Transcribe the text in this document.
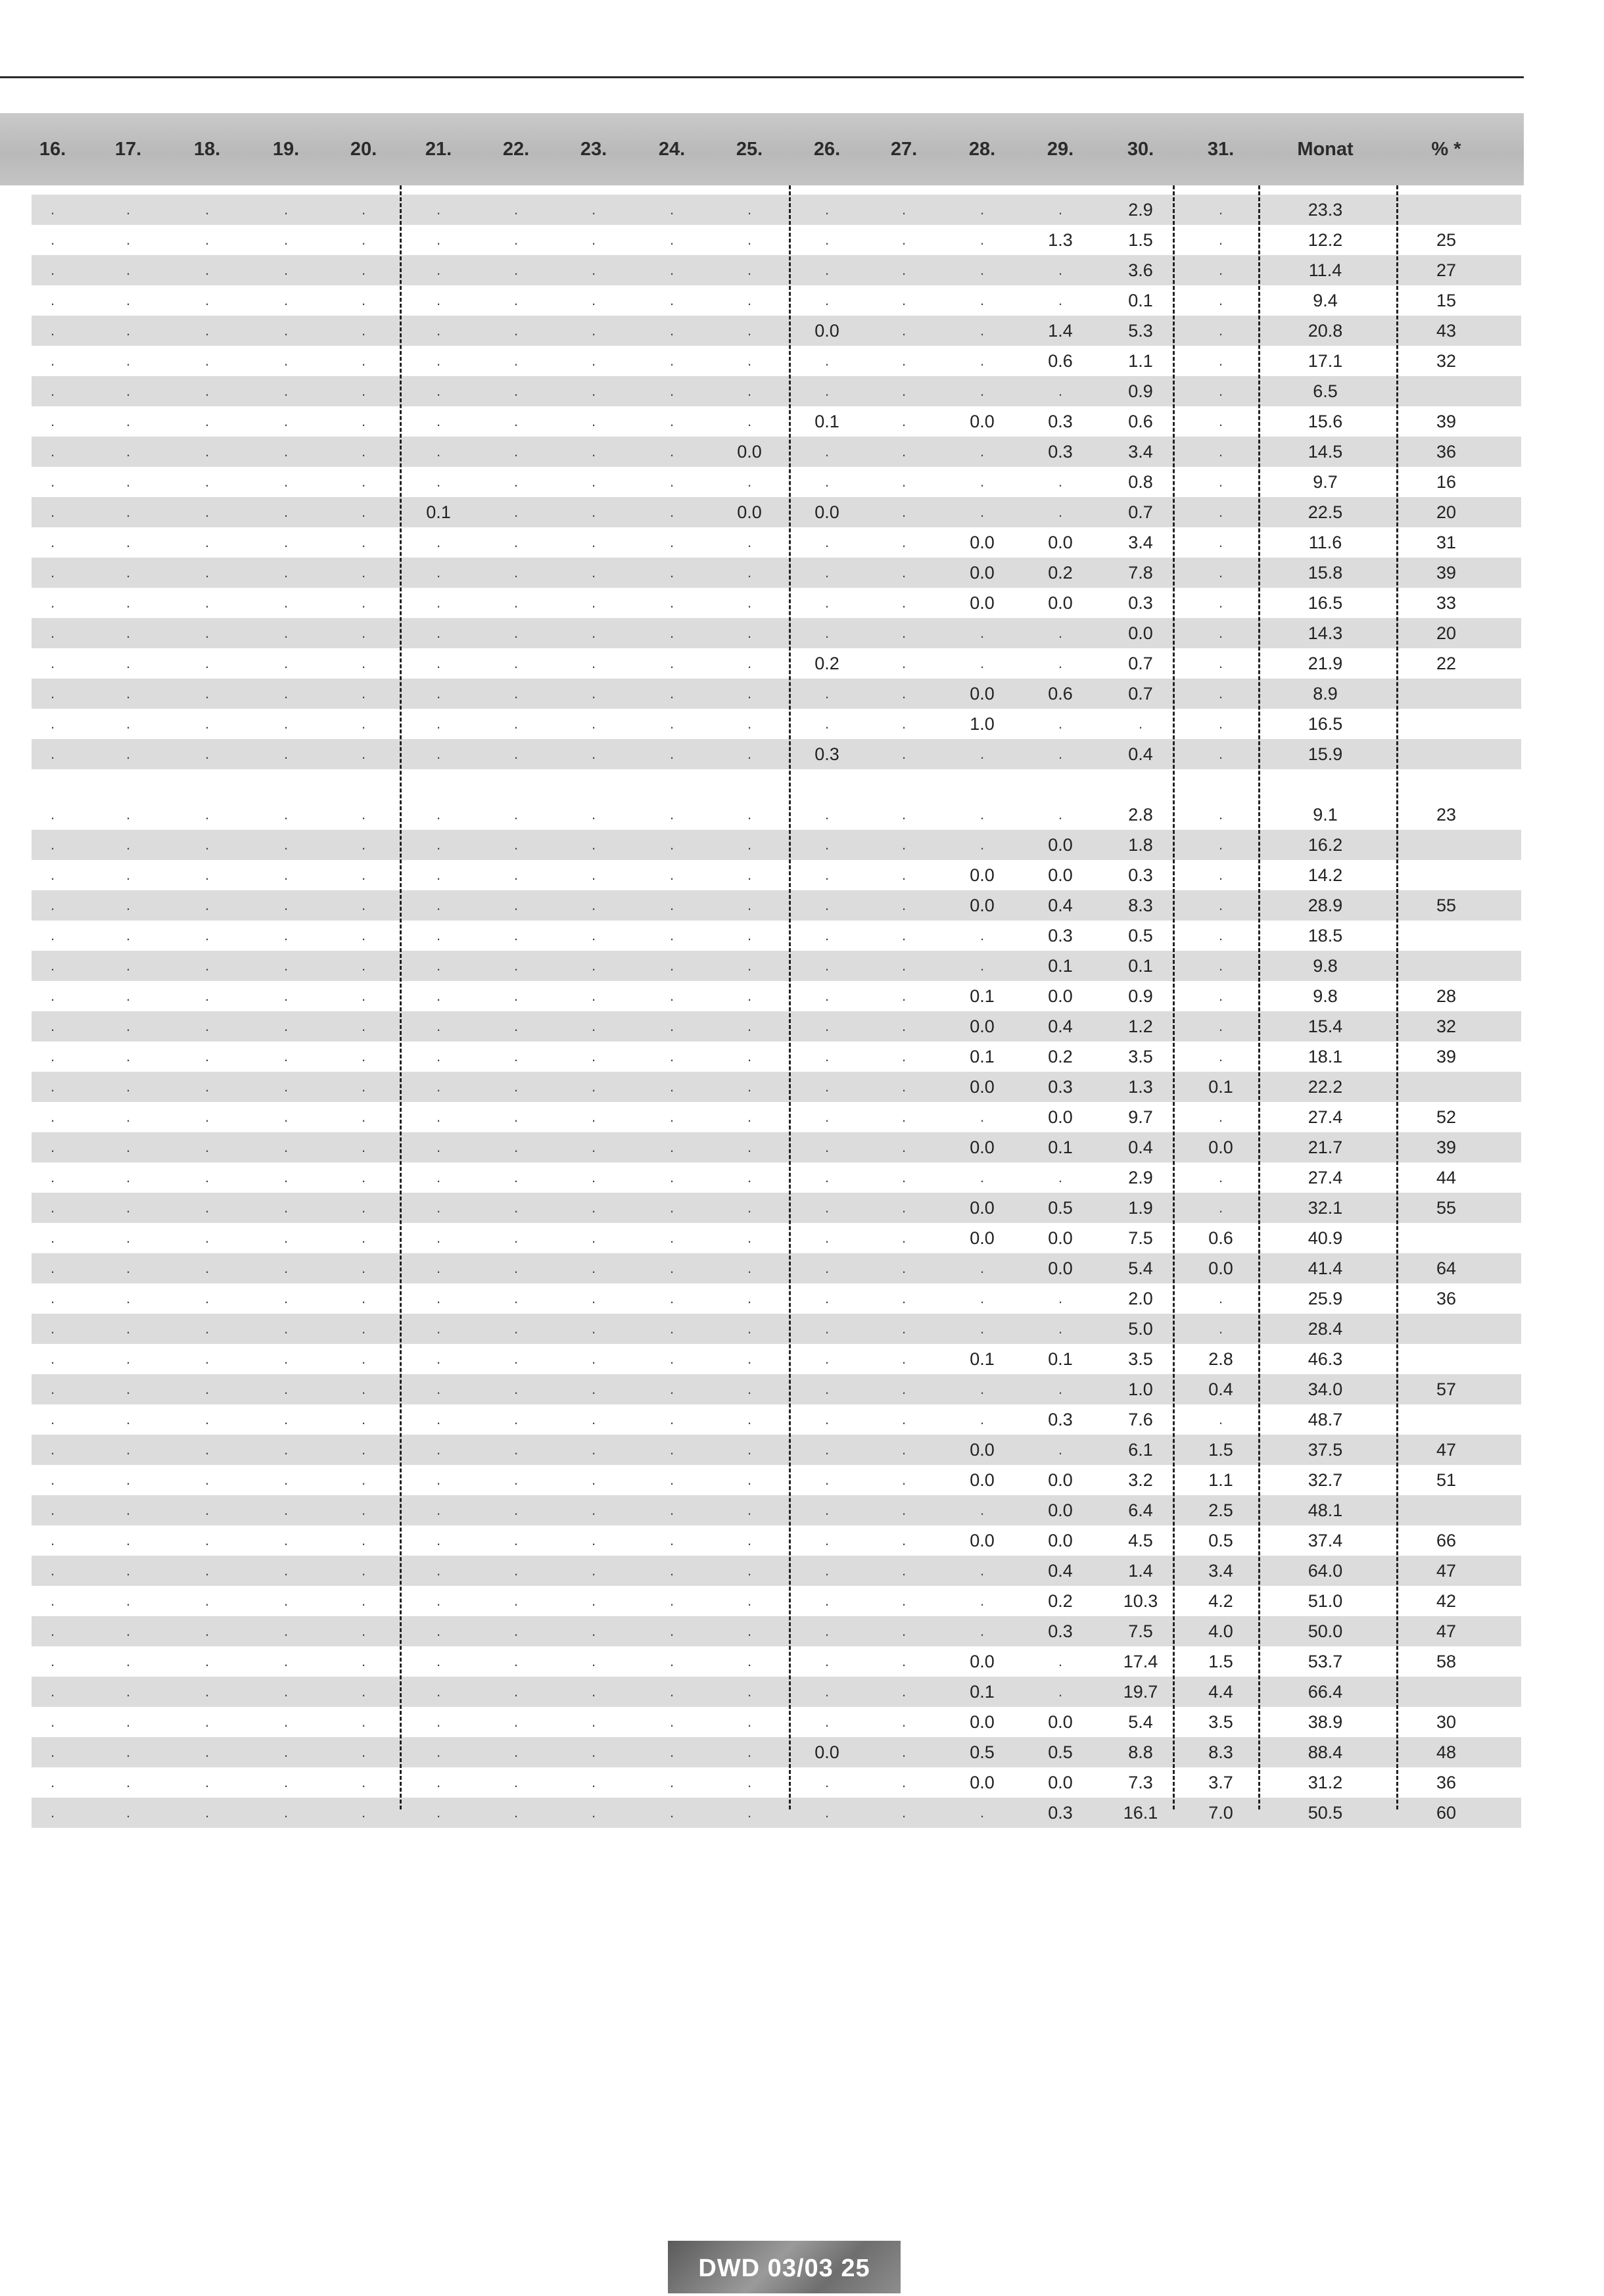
16.	17.	18.	19.	20.	21.	22.	23.	24.	25.	26.	27.	28.	29.	30.	31.	Monat	% *
.	.	.	.	.	.	.	.	.	.	.	.	.	.	2.9	.	23.3
.	.	.	.	.	.	.	.	.	.	.	.	.	1.3	1.5	.	12.2	25
.	.	.	.	.	.	.	.	.	.	.	.	.	.	3.6	.	11.4	27
.	.	.	.	.	.	.	.	.	.	.	.	.	.	0.1	.	9.4	15
.	.	.	.	.	.	.	.	.	.	0.0	.	.	1.4	5.3	.	20.8	43
.	.	.	.	.	.	.	.	.	.	.	.	.	0.6	1.1	.	17.1	32
.	.	.	.	.	.	.	.	.	.	.	.	.	.	0.9	.	6.5
.	.	.	.	.	.	.	.	.	.	0.1	.	0.0	0.3	0.6	.	15.6	39
.	.	.	.	.	.	.	.	.	0.0	.	.	.	0.3	3.4	.	14.5	36
.	.	.	.	.	.	.	.	.	.	.	.	.	.	0.8	.	9.7	16
.	.	.	.	.	0.1	.	.	.	0.0	0.0	.	.	.	0.7	.	22.5	20
.	.	.	.	.	.	.	.	.	.	.	.	0.0	0.0	3.4	.	11.6	31
.	.	.	.	.	.	.	.	.	.	.	.	0.0	0.2	7.8	.	15.8	39
.	.	.	.	.	.	.	.	.	.	.	.	0.0	0.0	0.3	.	16.5	33
.	.	.	.	.	.	.	.	.	.	.	.	.	.	0.0	.	14.3	20
.	.	.	.	.	.	.	.	.	.	0.2	.	.	.	0.7	.	21.9	22
.	.	.	.	.	.	.	.	.	.	.	.	0.0	0.6	0.7	.	8.9
.	.	.	.	.	.	.	.	.	.	.	.	1.0	.	.	.	16.5
.	.	.	.	.	.	.	.	.	.	0.3	.	.	.	0.4	.	15.9
.	.	.	.	.	.	.	.	.	.	.	.	.	.	2.8	.	9.1	23
.	.	.	.	.	.	.	.	.	.	.	.	.	0.0	1.8	.	16.2
.	.	.	.	.	.	.	.	.	.	.	.	0.0	0.0	0.3	.	14.2
.	.	.	.	.	.	.	.	.	.	.	.	0.0	0.4	8.3	.	28.9	55
.	.	.	.	.	.	.	.	.	.	.	.	.	0.3	0.5	.	18.5
.	.	.	.	.	.	.	.	.	.	.	.	.	0.1	0.1	.	9.8
.	.	.	.	.	.	.	.	.	.	.	.	0.1	0.0	0.9	.	9.8	28
.	.	.	.	.	.	.	.	.	.	.	.	0.0	0.4	1.2	.	15.4	32
.	.	.	.	.	.	.	.	.	.	.	.	0.1	0.2	3.5	.	18.1	39
.	.	.	.	.	.	.	.	.	.	.	.	0.0	0.3	1.3	0.1	22.2
.	.	.	.	.	.	.	.	.	.	.	.	.	0.0	9.7	.	27.4	52
.	.	.	.	.	.	.	.	.	.	.	.	0.0	0.1	0.4	0.0	21.7	39
.	.	.	.	.	.	.	.	.	.	.	.	.	.	2.9	.	27.4	44
.	.	.	.	.	.	.	.	.	.	.	.	0.0	0.5	1.9	.	32.1	55
.	.	.	.	.	.	.	.	.	.	.	.	0.0	0.0	7.5	0.6	40.9
.	.	.	.	.	.	.	.	.	.	.	.	.	0.0	5.4	0.0	41.4	64
.	.	.	.	.	.	.	.	.	.	.	.	.	.	2.0	.	25.9	36
.	.	.	.	.	.	.	.	.	.	.	.	.	.	5.0	.	28.4
.	.	.	.	.	.	.	.	.	.	.	.	0.1	0.1	3.5	2.8	46.3
.	.	.	.	.	.	.	.	.	.	.	.	.	.	1.0	0.4	34.0	57
.	.	.	.	.	.	.	.	.	.	.	.	.	0.3	7.6	.	48.7
.	.	.	.	.	.	.	.	.	.	.	.	0.0	.	6.1	1.5	37.5	47
.	.	.	.	.	.	.	.	.	.	.	.	0.0	0.0	3.2	1.1	32.7	51
.	.	.	.	.	.	.	.	.	.	.	.	.	0.0	6.4	2.5	48.1
.	.	.	.	.	.	.	.	.	.	.	.	0.0	0.0	4.5	0.5	37.4	66
.	.	.	.	.	.	.	.	.	.	.	.	.	0.4	1.4	3.4	64.0	47
.	.	.	.	.	.	.	.	.	.	.	.	.	0.2	10.3	4.2	51.0	42
.	.	.	.	.	.	.	.	.	.	.	.	.	0.3	7.5	4.0	50.0	47
.	.	.	.	.	.	.	.	.	.	.	.	0.0	.	17.4	1.5	53.7	58
.	.	.	.	.	.	.	.	.	.	.	.	0.1	.	19.7	4.4	66.4
.	.	.	.	.	.	.	.	.	.	.	.	0.0	0.0	5.4	3.5	38.9	30
.	.	.	.	.	.	.	.	.	.	0.0	.	0.5	0.5	8.8	8.3	88.4	48
.	.	.	.	.	.	.	.	.	.	.	.	0.0	0.0	7.3	3.7	31.2	36
.	.	.	.	.	.	.	.	.	.	.	.	.	0.3	16.1	7.0	50.5	60
DWD 03/03 25
